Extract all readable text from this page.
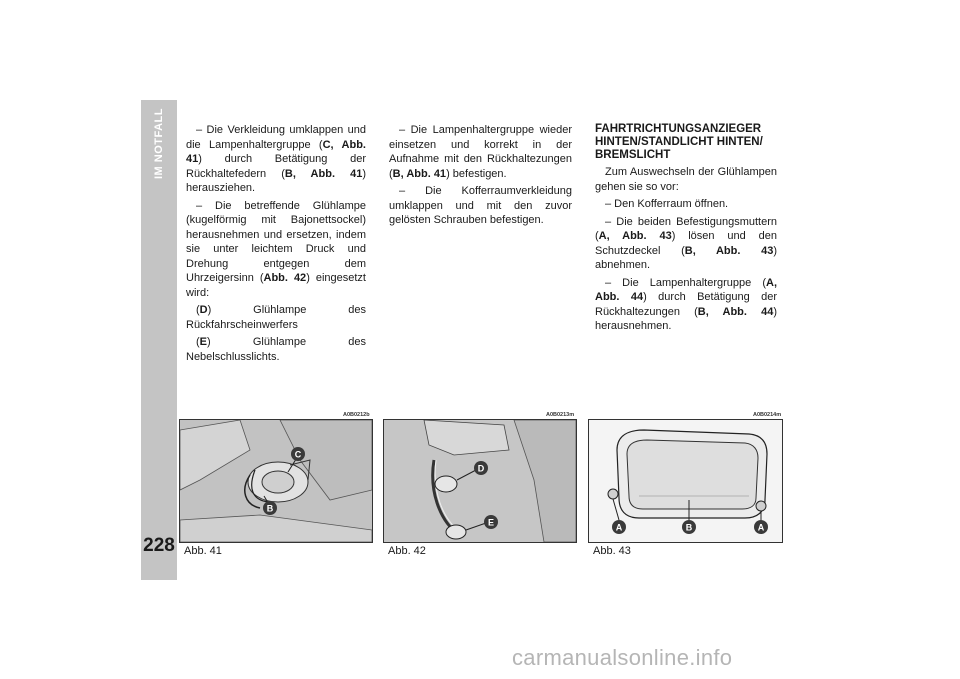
IM NOTFALL
228

– Die Verkleidung umklappen und die Lampenhaltergruppe (C, Abb. 41) durch Betätigung der Rückhaltefedern (B, Abb. 41) herausziehen.

– Die betreffende Glühlampe (kugelförmig mit Bajonettsockel) herausnehmen und ersetzen, indem sie unter leichtem Druck und Drehung entgegen dem Uhrzeigersinn (Abb. 42) eingesetzt wird:

(D) Glühlampe des Rückfahrscheinwerfers

(E) Glühlampe des Nebelschlusslichts.

– Die Lampenhaltergruppe wieder einsetzen und korrekt in der Aufnahme mit den Rückhaltezungen (B, Abb. 41) befestigen.

– Die Kofferraumverkleidung umklappen und mit den zuvor gelösten Schrauben befestigen.

FAHRTRICHTUNGSANZIEGER HINTEN/STANDLICHT HINTEN/ BREMSLICHT

Zum Auswechseln der Glühlampen gehen sie so vor:

– Den Kofferraum öffnen.

– Die beiden Befestigungsmuttern (A, Abb. 43) lösen und den Schutzdeckel (B, Abb. 43) abnehmen.

– Die Lampenhaltergruppe (A, Abb. 44) durch Betätigung der Rückhaltezungen (B, Abb. 44) herausnehmen.

A0B0212b
C
B
Abb. 41
A0B0213m
D
E
Abb. 42
A0B0214m
A	B	A
Abb. 43
carmanualsonline.info
